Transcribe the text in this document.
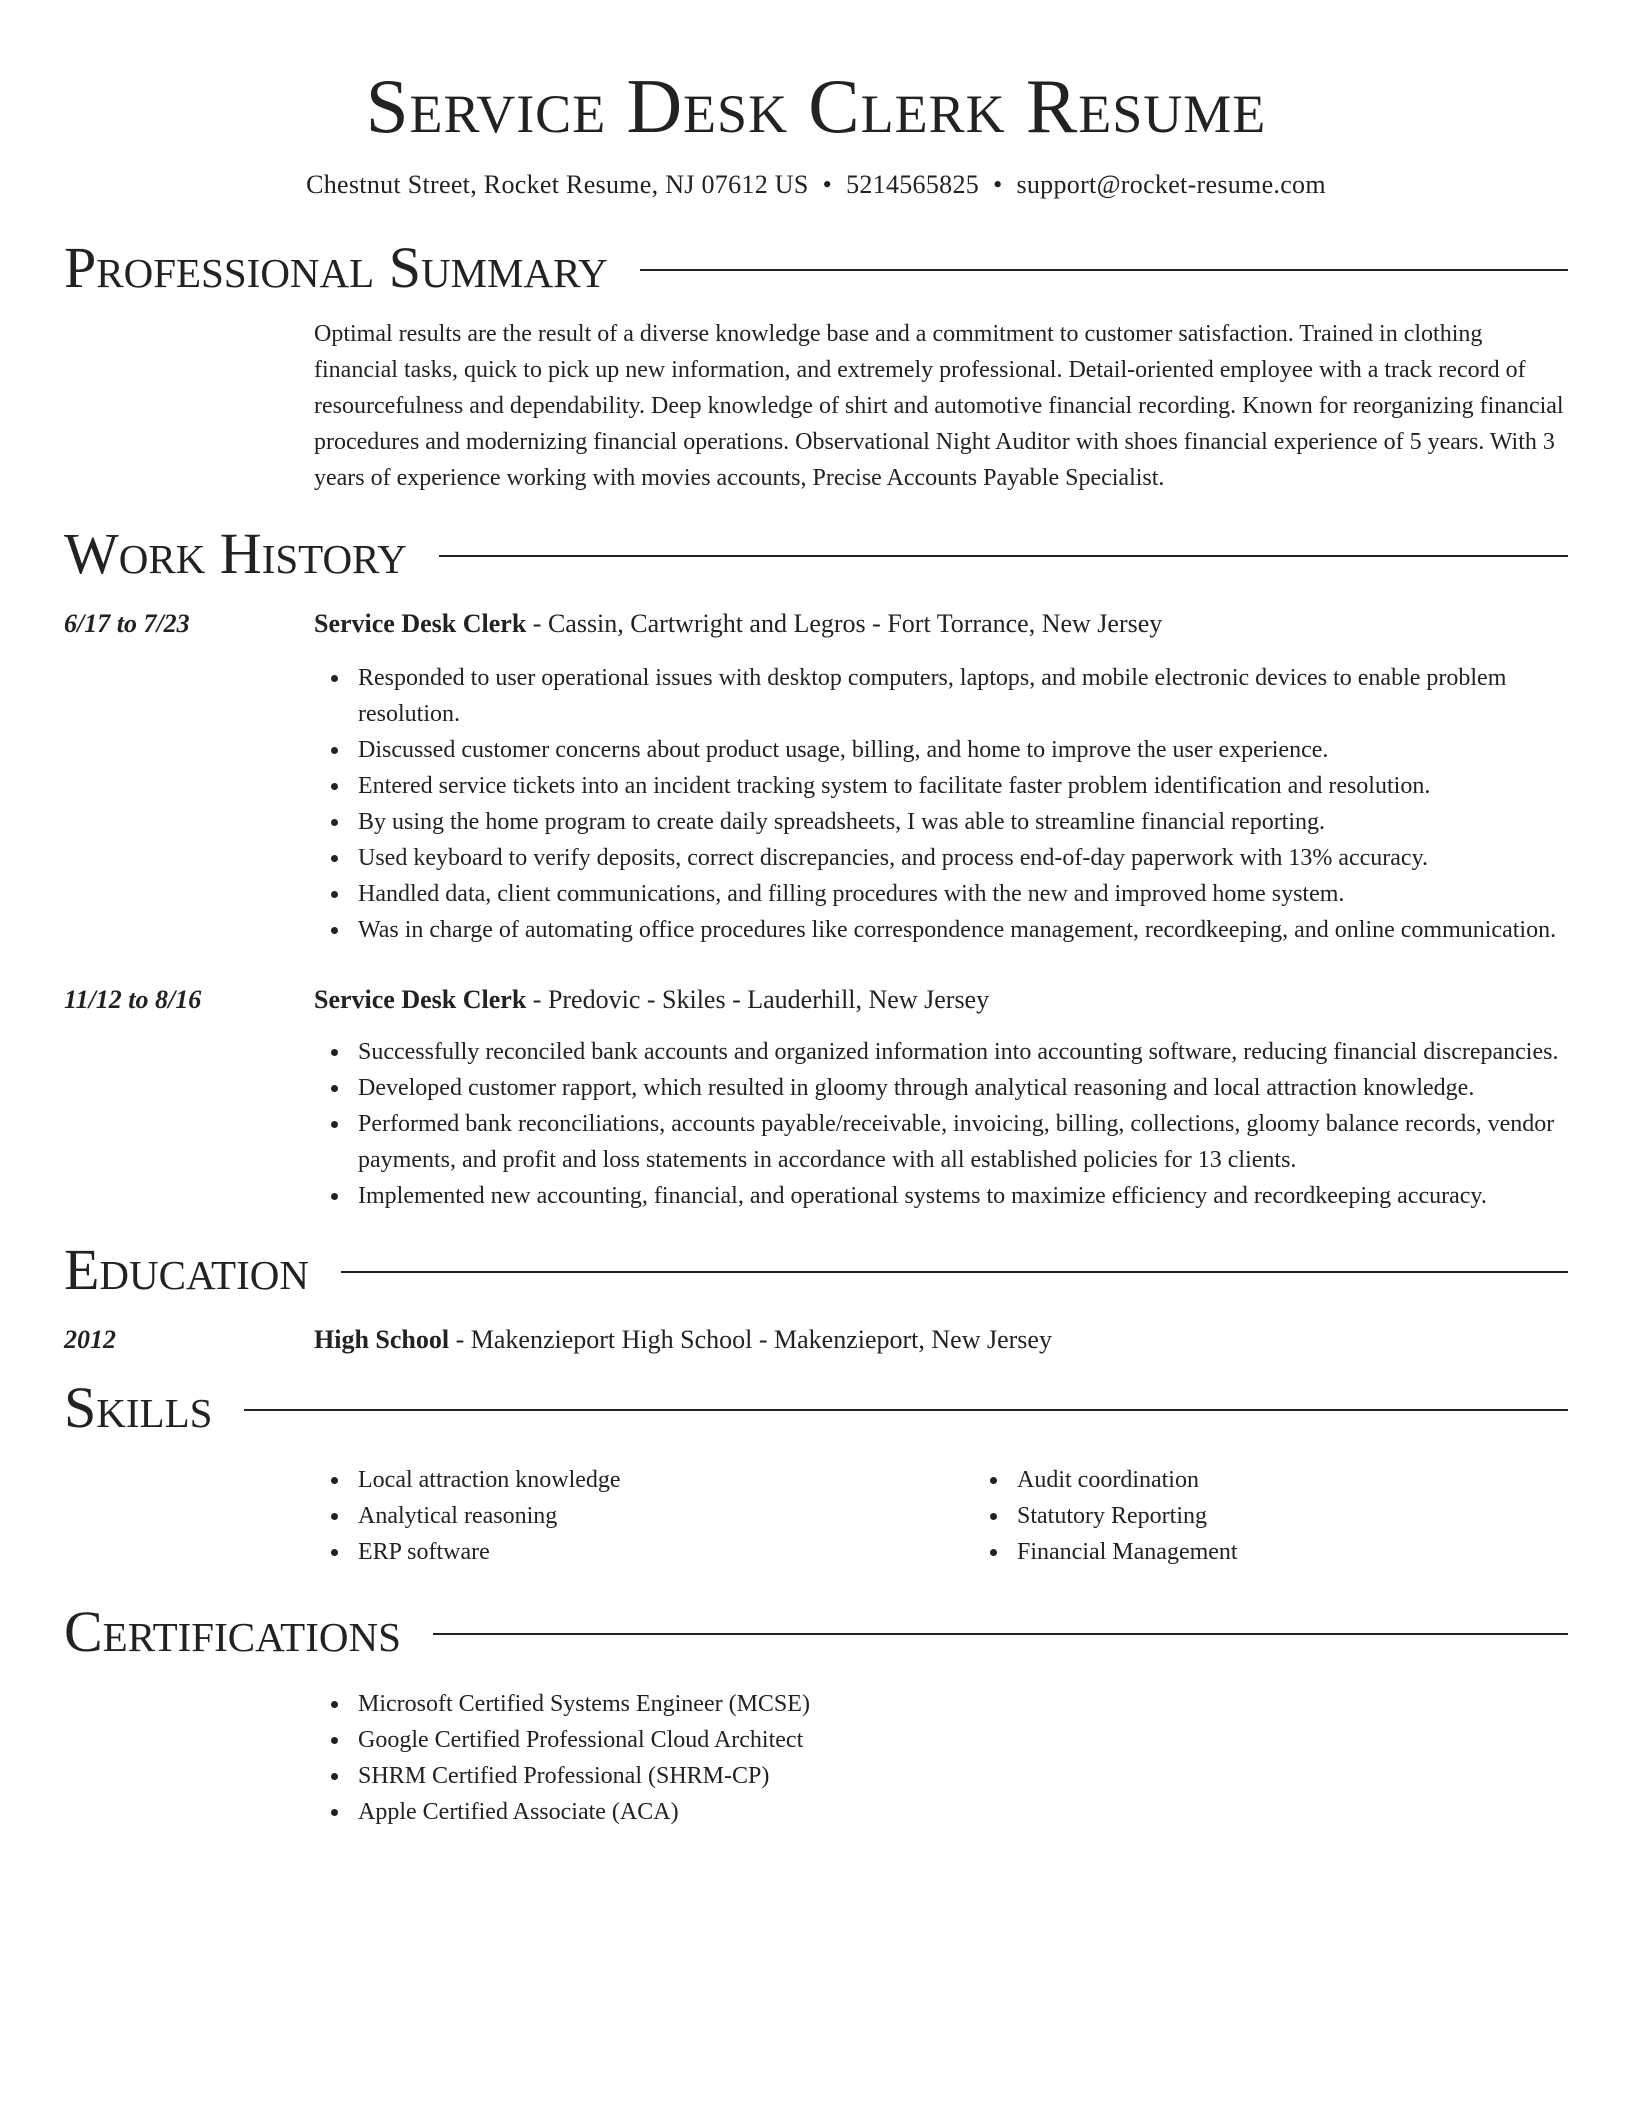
Service Desk Clerk Resume
Chestnut Street, Rocket Resume, NJ 07612 US • 5214565825 • support@rocket-resume.com
Professional Summary

Optimal results are the result of a diverse knowledge base and a commitment to customer satisfaction. Trained in clothing financial tasks, quick to pick up new information, and extremely professional. Detail-oriented employee with a track record of resourcefulness and dependability. Deep knowledge of shirt and automotive financial recording. Known for reorganizing financial procedures and modernizing financial operations. Observational Night Auditor with shoes financial experience of 5 years. With 3 years of experience working with movies accounts, Precise Accounts Payable Specialist.

Work History
6/17 to 7/23	Service Desk Clerk - Cassin, Cartwright and Legros - Fort Torrance, New Jersey
Responded to user operational issues with desktop computers, laptops, and mobile electronic devices to enable problem resolution.
Discussed customer concerns about product usage, billing, and home to improve the user experience.
Entered service tickets into an incident tracking system to facilitate faster problem identification and resolution.
By using the home program to create daily spreadsheets, I was able to streamline financial reporting.
Used keyboard to verify deposits, correct discrepancies, and process end-of-day paperwork with 13% accuracy.
Handled data, client communications, and filling procedures with the new and improved home system.
Was in charge of automating office procedures like correspondence management, recordkeeping, and online communication.
11/12 to 8/16	Service Desk Clerk - Predovic - Skiles - Lauderhill, New Jersey
Successfully reconciled bank accounts and organized information into accounting software, reducing financial discrepancies.
Developed customer rapport, which resulted in gloomy through analytical reasoning and local attraction knowledge.
Performed bank reconciliations, accounts payable/receivable, invoicing, billing, collections, gloomy balance records, vendor payments, and profit and loss statements in accordance with all established policies for 13 clients.
Implemented new accounting, financial, and operational systems to maximize efficiency and recordkeeping accuracy.
Education
2012	High School - Makenzieport High School - Makenzieport, New Jersey
Skills
Local attraction knowledge
Analytical reasoning
ERP software
Audit coordination
Statutory Reporting
Financial Management
Certifications
Microsoft Certified Systems Engineer (MCSE)
Google Certified Professional Cloud Architect
SHRM Certified Professional (SHRM-CP)
Apple Certified Associate (ACA)
